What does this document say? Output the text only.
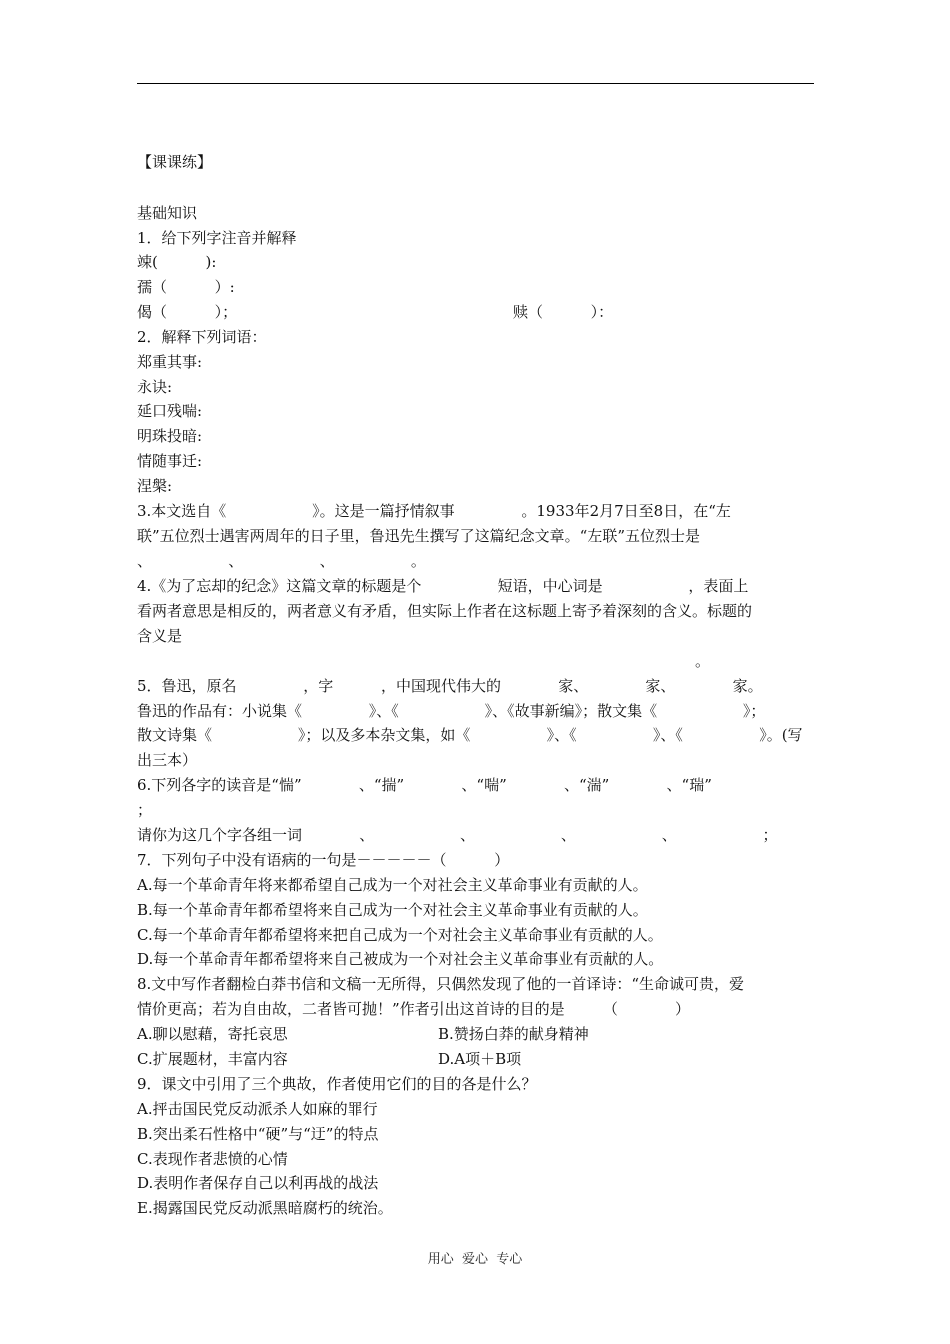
【课课练】
基础知识
1．给下列字注音并解释
竦(          ):
孺（          ）:
偈（          ）；	赎（          ）：
2．解释下列词语：
郑重其事:
永诀:
延口残喘:
明珠投暗:
情随事迁:
涅槃:
3.本文选自《                  》。这是一篇抒情叙事              。1933年2月7日至8日，在“左
联”五位烈士遇害两周年的日子里，鲁迅先生撰写了这篇纪念文章。“左联”五位烈士是
、                、                、                。
4.《为了忘却的纪念》这篇文章的标题是个                短语，中心词是                  ，表面上
看两者意思是相反的，两者意义有矛盾，但实际上作者在这标题上寄予着深刻的含义。标题的
含义是
。
5．鲁迅，原名              ，字          ，中国现代伟大的            家、            家、            家。
鲁迅的作品有：小说集《              》、《                  》、《故事新编》；散文集《                  》；
散文诗集《                  》；以及多本杂文集，如《                》、《                》、《                》。(写
出三本）
6.下列各字的读音是“惴”            、“揣”            、“喘”            、“湍”            、“瑞”
；
请你为这几个字各组一词            、                  、                  、                  、                  ；
7．下列句子中没有语病的一句是－－－－－（          ）
A.每一个革命青年将来都希望自己成为一个对社会主义革命事业有贡献的人。
B.每一个革命青年都希望将来自己成为一个对社会主义革命事业有贡献的人。
C.每一个革命青年都希望将来把自己成为一个对社会主义革命事业有贡献的人。
D.每一个革命青年都希望将来自己被成为一个对社会主义革命事业有贡献的人。
8.文中写作者翻检白莽书信和文稿一无所得，只偶然发现了他的一首译诗：“生命诚可贵，爱
情价更高；若为自由故，二者皆可抛！”作者引出这首诗的目的是        （            ）
A.聊以慰藉，寄托哀思	B.赞扬白莽的献身精神
C.扩展题材，丰富内容	D.A项＋B项
9．课文中引用了三个典故，作者使用它们的目的各是什么？
A.抨击国民党反动派杀人如麻的罪行
B.突出柔石性格中“硬”与“迂”的特点
C.表现作者悲愤的心情
D.表明作者保存自己以利再战的战法
E.揭露国民党反动派黑暗腐朽的统治。
用心  爱心  专心
